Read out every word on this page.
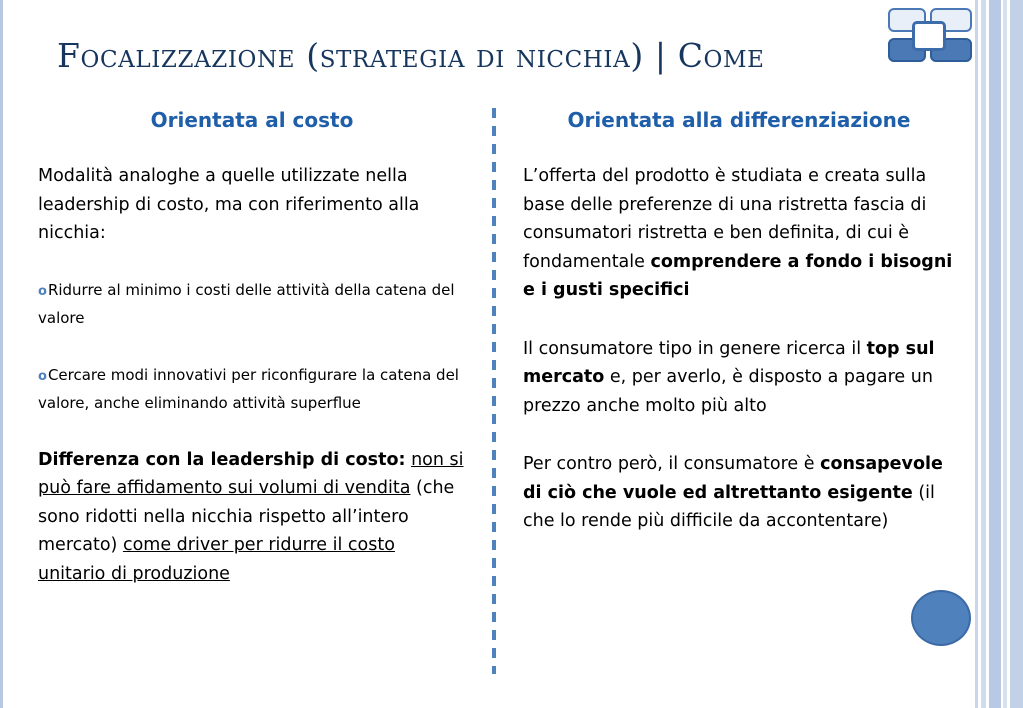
Focalizzazione (strategia di nicchia) | Come
Orientata al costo

Modalità analoghe a quelle utilizzate nella leadership di costo, ma con riferimento alla nicchia:

oRidurre al minimo i costi delle attività della catena del valore

oCercare modi innovativi per riconfigurare la catena del valore, anche eliminando attività superflue

Differenza con la leadership di costo: non si può fare affidamento sui volumi di vendita (che sono ridotti nella nicchia rispetto all’intero mercato) come driver per ridurre il costo unitario di produzione

Orientata alla differenziazione

L’offerta del prodotto è studiata e creata sulla base delle preferenze di una ristretta fascia di consumatori ristretta e ben definita, di cui è fondamentale comprendere a fondo i bisogni e i gusti specifici

Il consumatore tipo in genere ricerca il top sul mercato e, per averlo, è disposto a pagare un prezzo anche molto più alto

Per contro però, il consumatore è consapevole di ciò che vuole ed altrettanto esigente (il che lo rende più difficile da accontentare)
